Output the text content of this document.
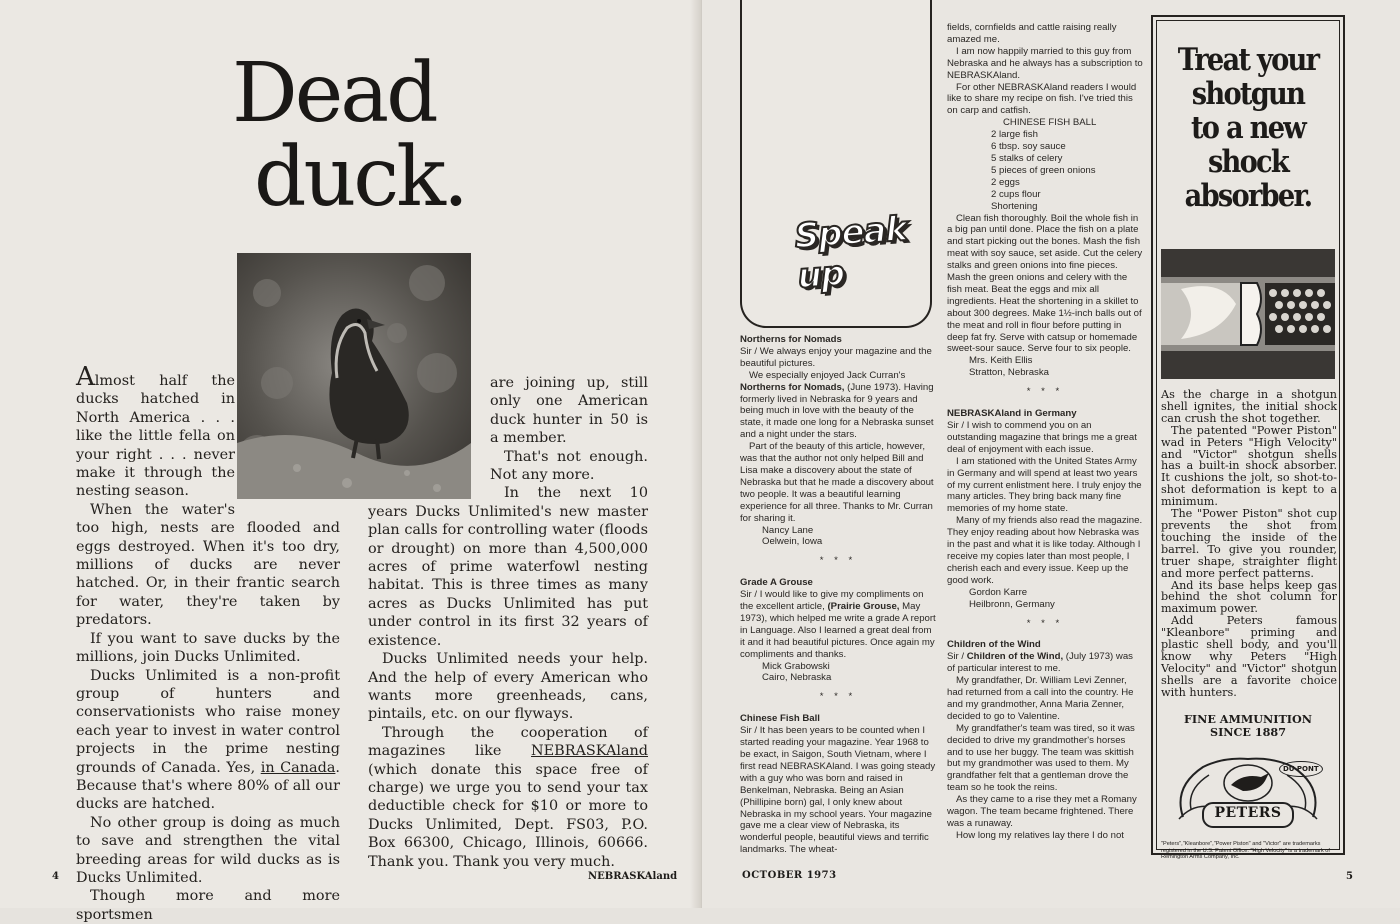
Dead
duck.

Almost half the ducks hatched in North America . . . like the little fella on your right . . . never make it through the nesting season.

When the water's too high, nests are flooded and eggs destroyed. When it's too dry, millions of ducks are never hatched. Or, in their frantic search for water, they're taken by predators.

If you want to save ducks by the millions, join Ducks Unlimited.

Ducks Unlimited is a non-profit group of hunters and conservationists who raise money each year to invest in water control projects in the prime nesting grounds of Canada. Yes, in Canada. Because that's where 80% of all our ducks are hatched.

No other group is doing as much to save and strengthen the vital breeding areas for wild ducks as is Ducks Unlimited.

Though more and more sportsmen

are joining up, still only one American duck hunter in 50 is a member.

That's not enough. Not any more.

In the next 10 years Ducks Unlimited's new master plan calls for controlling water (floods or drought) on more than 4,500,000 acres of prime waterfowl nesting habitat. This is three times as many acres as Ducks Unlimited has put under control in its first 32 years of existence.

Ducks Unlimited needs your help. And the help of every American who wants more greenheads, cans, pintails, etc. on our flyways.

Through the cooperation of magazines like NEBRASKAland (which donate this space free of charge) we urge you to send your tax deductible check for $10 or more to Ducks Unlimited, Dept. FS03, P.O. Box 66300, Chicago, Illinois, 60666. Thank you. Thank you very much.

4	NEBRASKAland
Speak up

Northerns for Nomads

Sir / We always enjoy your magazine and the beautiful pictures.

We especially enjoyed Jack Curran's Northerns for Nomads, (June 1973). Having formerly lived in Nebraska for 9 years and being much in love with the beauty of the state, it made one long for a Nebraska sunset and a night under the stars.

Part of the beauty of this article, however, was that the author not only helped Bill and Lisa make a discovery about the state of Nebraska but that he made a discovery about two people. It was a beautiful learning experience for all three. Thanks to Mr. Curran for sharing it.

Nancy Lane
Oelwein, Iowa
* * *

Grade A Grouse

Sir / I would like to give my compliments on the excellent article, (Prairie Grouse, May 1973), which helped me write a grade A report in Language. Also I learned a great deal from it and it had beautiful pictures. Once again my compliments and thanks.

Mick Grabowski
Cairo, Nebraska
* * *

Chinese Fish Ball

Sir / It has been years to be counted when I started reading your magazine. Year 1968 to be exact, in Saigon, South Vietnam, where I first read NEBRASKAland. I was going steady with a guy who was born and raised in Benkelman, Nebraska. Being an Asian (Phillipine born) gal, I only knew about Nebraska in my school years. Your magazine gave me a clear view of Nebraska, its wonderful people, beautiful views and terrific landmarks. The wheat-

fields, cornfields and cattle raising really amazed me.

I am now happily married to this guy from Nebraska and he always has a subscription to NEBRASKAland.

For other NEBRASKAland readers I would like to share my recipe on fish. I've tried this on carp and catfish.

CHINESE FISH BALL
2 large fish
6 tbsp. soy sauce
5 stalks of celery
5 pieces of green onions
2 eggs
2 cups flour
Shortening

Clean fish thoroughly. Boil the whole fish in a big pan until done. Place the fish on a plate and start picking out the bones. Mash the fish meat with soy sauce, set aside. Cut the celery stalks and green onions into fine pieces. Mash the green onions and celery with the fish meat. Beat the eggs and mix all ingredients. Heat the shortening in a skillet to about 300 degrees. Make 1½-inch balls out of the meat and roll in flour before putting in deep fat fry. Serve with catsup or homemade sweet-sour sauce. Serve four to six people.

Mrs. Keith Ellis
Stratton, Nebraska
* * *

NEBRASKAland in Germany

Sir / I wish to commend you on an outstanding magazine that brings me a great deal of enjoyment with each issue.

I am stationed with the United States Army in Germany and will spend at least two years of my current enlistment here. I truly enjoy the many articles. They bring back many fine memories of my home state.

Many of my friends also read the magazine. They enjoy reading about how Nebraska was in the past and what it is like today. Although I receive my copies later than most people, I cherish each and every issue. Keep up the good work.

Gordon Karre
Heilbronn, Germany
* * *

Children of the Wind

Sir / Children of the Wind, (July 1973) was of particular interest to me.

My grandfather, Dr. William Levi Zenner, had returned from a call into the country. He and my grandmother, Anna Maria Zenner, decided to go to Valentine.

My grandfather's team was tired, so it was decided to drive my grandmother's horses and to use her buggy. The team was skittish but my grandmother was used to them. My grandfather felt that a gentleman drove the team so he took the reins.

As they came to a rise they met a Romany wagon. The team became frightened. There was a runaway.

How long my relatives lay there I do not

Treat your
shotgun
to a new
shock
absorber.

As the charge in a shotgun shell ignites, the initial shock can crush the shot together.

The patented "Power Piston" wad in Peters "High Velocity" and "Victor" shotgun shells has a built-in shock absorber. It cushions the jolt, so shot-to-shot deformation is kept to a minimum.

The "Power Piston" shot cup prevents the shot from touching the inside of the barrel. To give you rounder, truer shape, straighter flight and more perfect patterns.

And its base helps keep gas behind the shot column for maximum power.

Add Peters famous "Kleanbore" priming and plastic shell body, and you'll know why Peters "High Velocity" and "Victor" shotgun shells are a favorite choice with hunters.

FINE AMMUNITION
SINCE 1887
PETERS
DU PONT
"Peters","Kleanbore","Power Piston" and "Victor" are trademarks registered in the U.S. Patent Office. "High Velocity" is a trademark of Remington Arms Company, Inc.
OCTOBER 1973	5
